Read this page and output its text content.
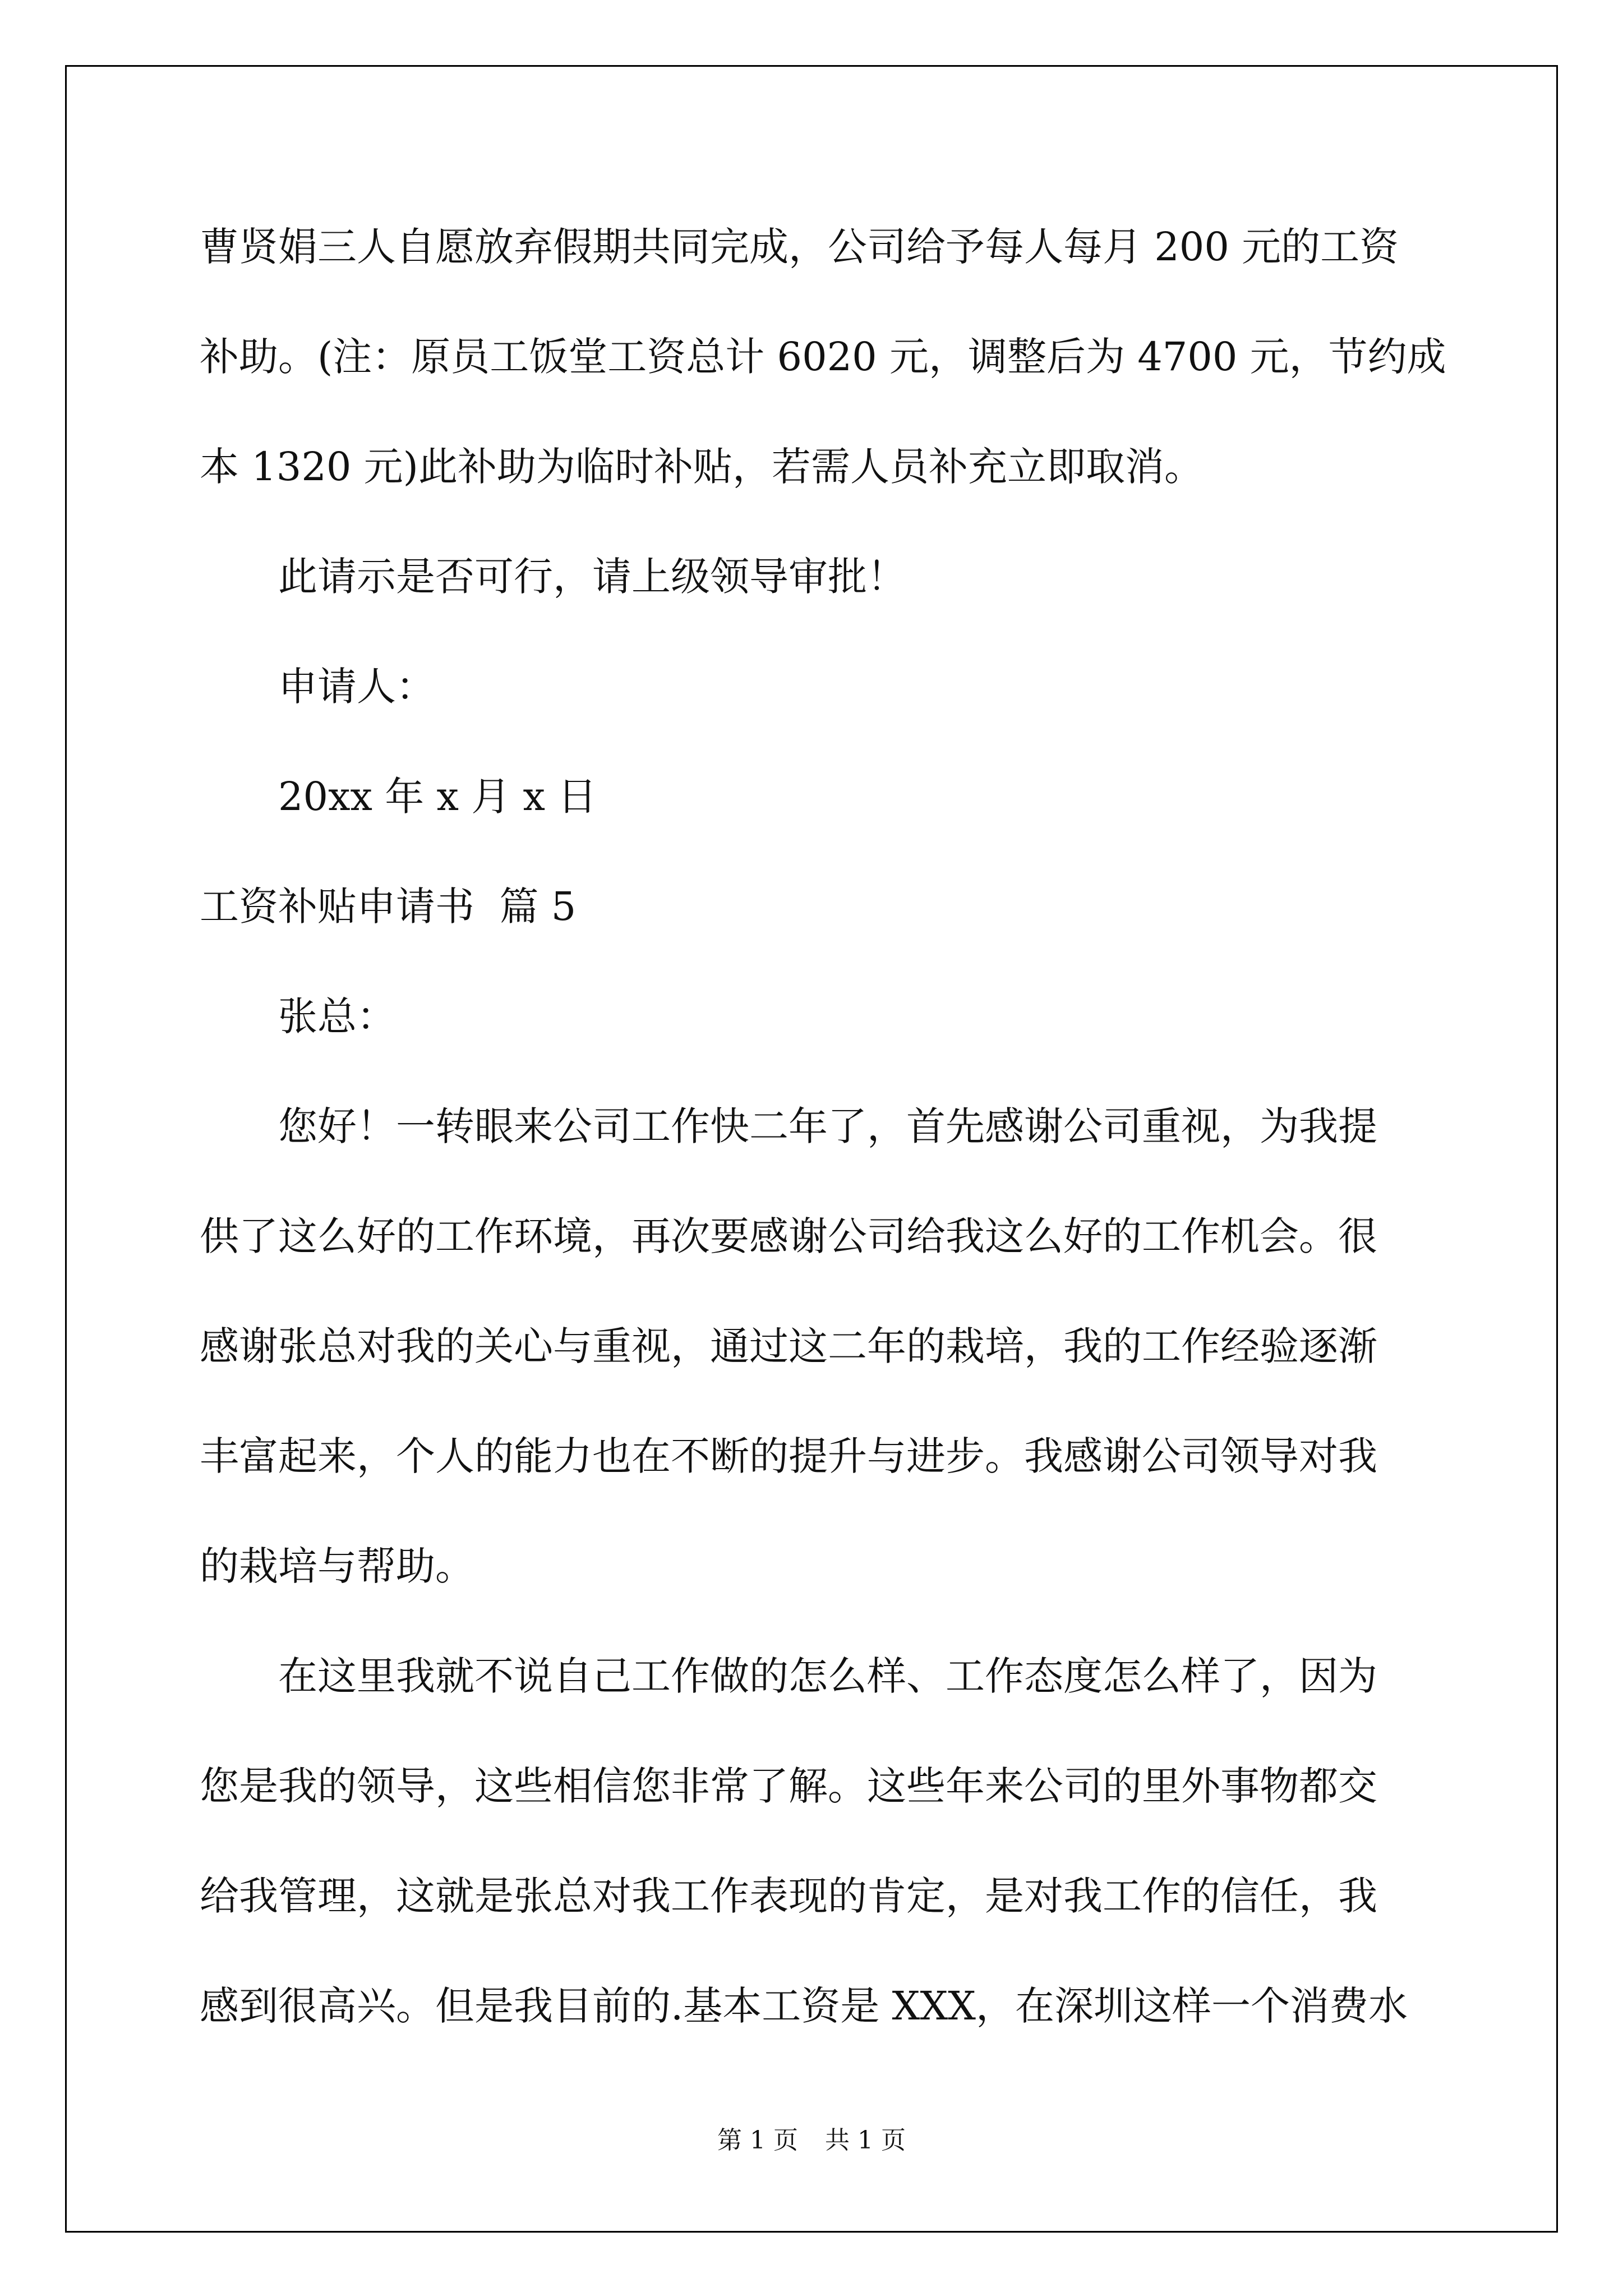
曹贤娟三人自愿放弃假期共同完成，公司给予每人每月 200 元的工资
补助。(注：原员工饭堂工资总计 6020 元，调整后为 4700 元，节约成
本 1320 元)此补助为临时补贴，若需人员补充立即取消。
此请示是否可行，请上级领导审批！
申请人：
20xx 年 x 月 x 日
工资补贴申请书  篇 5
张总：
您好！一转眼来公司工作快二年了，首先感谢公司重视，为我提
供了这么好的工作环境，再次要感谢公司给我这么好的工作机会。很
感谢张总对我的关心与重视，通过这二年的栽培，我的工作经验逐渐
丰富起来，个人的能力也在不断的提升与进步。我感谢公司领导对我
的栽培与帮助。
在这里我就不说自己工作做的怎么样、工作态度怎么样了，因为
您是我的领导，这些相信您非常了解。这些年来公司的里外事物都交
给我管理，这就是张总对我工作表现的肯定，是对我工作的信任，我
感到很高兴。但是我目前的.基本工资是 XXX，在深圳这样一个消费水
第 1 页 共 1 页
